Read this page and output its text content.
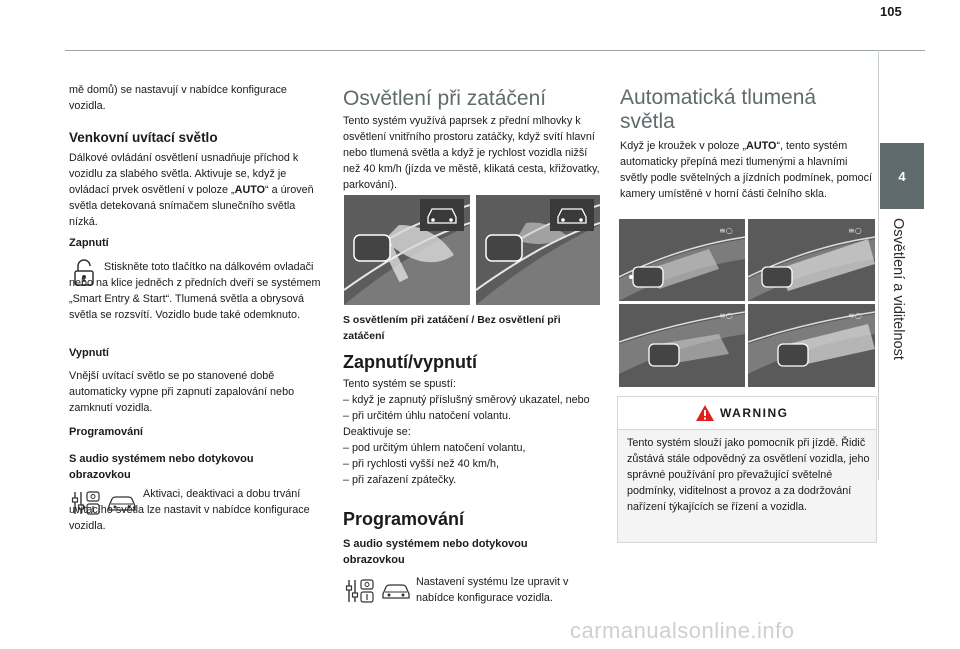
105
4
Osvětlení a viditelnost

mě domů) se nastavují v nabídce konfigurace vozidla.

Venkovní uvítací světlo

Dálkové ovládání osvětlení usnadňuje příchod k vozidlu za slabého světla. Aktivuje se, když je ovládací prvek osvětlení v poloze „AUTO“ a úroveň světla detekovaná snímačem slunečního světla nízká.

Zapnutí

Stiskněte toto tlačítko na dálkovém ovladači nebo na klice jedněch z předních dveří se systémem „Smart Entry & Start“. Tlumená světla a obrysová světla se rozsvítí. Vozidlo bude také odemknuto.

Vypnutí

Vnější uvítací světlo se po stanovené době automaticky vypne při zapnutí zapalování nebo zamknutí vozidla.

Programování

S audio systémem nebo dotykovou obrazovkou

Aktivaci, deaktivaci a dobu trvání uvítacího světla lze nastavit v nabídce konfigurace vozidla.

Osvětlení při zatáčení

Tento systém využívá paprsek z přední mlhovky k osvětlení vnitřního prostoru zatáčky, když svítí hlavní nebo tlumená světla a když je rychlost vozidla nižší než 40 km/h (jízda ve městě, klikatá cesta, křižovatky, parkování).

S osvětlením při zatáčení / Bez osvětlení při zatáčení

Zapnutí/vypnutí

Tento systém se spustí:

– když je zapnutý příslušný směrový ukazatel, nebo

– při určitém úhlu natočení volantu.

Deaktivuje se:

– pod určitým úhlem natočení volantu,

– při rychlosti vyšší než 40 km/h,

– při zařazení zpátečky.

Programování

S audio systémem nebo dotykovou obrazovkou

Nastavení systému lze upravit v nabídce konfigurace vozidla.

Automatická tlumená světla

Když je kroužek v poloze „AUTO“, tento systém automaticky přepíná mezi tlumenými a hlavními světly podle světelných a jízdních podmínek, pomocí kamery umístěné v horní části čelního skla.

≡○	≡○
≡○	≡○
WARNING

Tento systém slouží jako pomocník při jízdě. Řidič zůstává stále odpovědný za osvětlení vozidla, jeho správné používání pro převažující světelné podmínky, viditelnost a provoz a za dodržování nařízení týkajících se řízení a vozidla.

carmanualsonline.info
